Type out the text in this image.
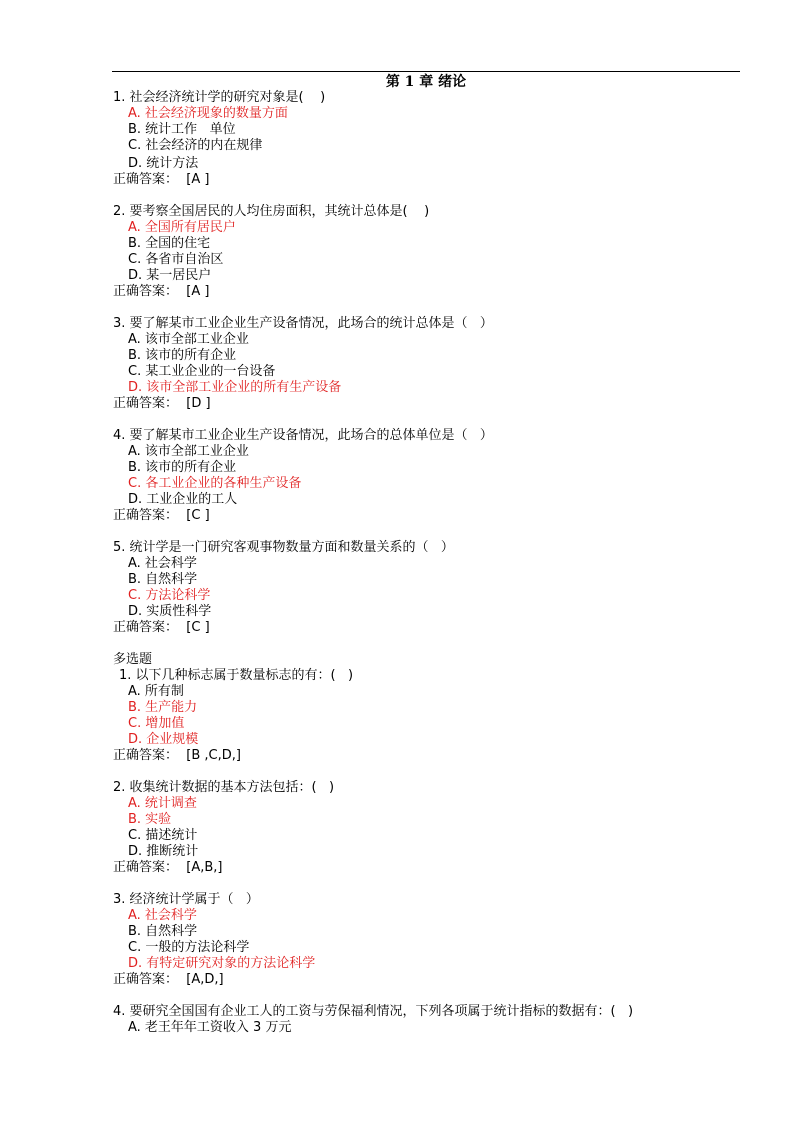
第 1 章 绪论
1. 社会经济统计学的研究对象是(    )
A. 社会经济现象的数量方面
B. 统计工作   单位
C. 社会经济的内在规律
D. 统计方法
正确答案： [A ]
2. 要考察全国居民的人均住房面积，其统计总体是(    )
A. 全国所有居民户
B. 全国的住宅
C. 各省市自治区
D. 某一居民户
正确答案： [A ]
3. 要了解某市工业企业生产设备情况，此场合的统计总体是（   ）
A. 该市全部工业企业
B. 该市的所有企业
C. 某工业企业的一台设备
D. 该市全部工业企业的所有生产设备
正确答案： [D ]
4. 要了解某市工业企业生产设备情况，此场合的总体单位是（   ）
A. 该市全部工业企业
B. 该市的所有企业
C. 各工业企业的各种生产设备
D. 工业企业的工人
正确答案： [C ]
5. 统计学是一门研究客观事物数量方面和数量关系的（   ）
A. 社会科学
B. 自然科学
C. 方法论科学
D. 实质性科学
正确答案： [C ]
多选题
1. 以下几种标志属于数量标志的有：(   )
A. 所有制
B. 生产能力
C. 增加值
D. 企业规模
正确答案： [B ,C,D,]
2. 收集统计数据的基本方法包括：(   )
A. 统计调查
B. 实验
C. 描述统计
D. 推断统计
正确答案： [A,B,]
3. 经济统计学属于（   ）
A. 社会科学
B. 自然科学
C. 一般的方法论科学
D. 有特定研究对象的方法论科学
正确答案： [A,D,]
4. 要研究全国国有企业工人的工资与劳保福利情况，下列各项属于统计指标的数据有：(   )
A. 老王年年工资收入 3 万元
